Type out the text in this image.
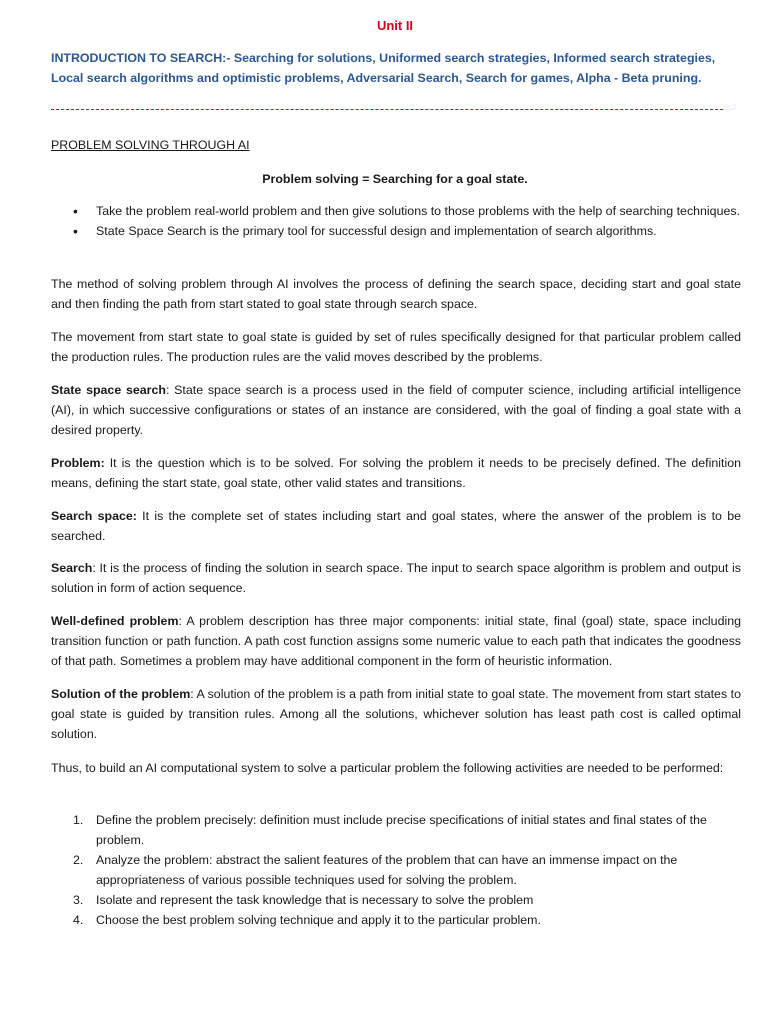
Unit II
INTRODUCTION TO SEARCH:- Searching for solutions, Uniformed search strategies, Informed search strategies, Local search algorithms and optimistic problems, Adversarial Search, Search for games, Alpha - Beta pruning.
PROBLEM SOLVING THROUGH AI
Problem solving = Searching for a goal state.
• Take the problem real-world problem and then give solutions to those problems with the help of searching techniques.
• State Space Search is the primary tool for successful design and implementation of search algorithms.

The method of solving problem through AI involves the process of defining the search space, deciding start and goal state and then finding the path from start stated to goal state through search space.

The movement from start state to goal state is guided by set of rules specifically designed for that particular problem called the production rules. The production rules are the valid moves described by the problems.

State space search: State space search is a process used in the field of computer science, including artificial intelligence (AI), in which successive configurations or states of an instance are considered, with the goal of finding a goal state with a desired property.

Problem: It is the question which is to be solved. For solving the problem it needs to be precisely defined. The definition means, defining the start state, goal state, other valid states and transitions.

Search space: It is the complete set of states including start and goal states, where the answer of the problem is to be searched.

Search: It is the process of finding the solution in search space. The input to search space algorithm is problem and output is solution in form of action sequence.

Well-defined problem: A problem description has three major components: initial state, final (goal) state, space including transition function or path function. A path cost function assigns some numeric value to each path that indicates the goodness of that path. Sometimes a problem may have additional component in the form of heuristic information.

Solution of the problem: A solution of the problem is a path from initial state to goal state. The movement from start states to goal state is guided by transition rules. Among all the solutions, whichever solution has least path cost is called optimal solution.

Thus, to build an AI computational system to solve a particular problem the following activities are needed to be performed:

1. Define the problem precisely: definition must include precise specifications of initial states and final states of the problem.
2. Analyze the problem: abstract the salient features of the problem that can have an immense impact on the appropriateness of various possible techniques used for solving the problem.
3. Isolate and represent the task knowledge that is necessary to solve the problem
4. Choose the best problem solving technique and apply it to the particular problem.
